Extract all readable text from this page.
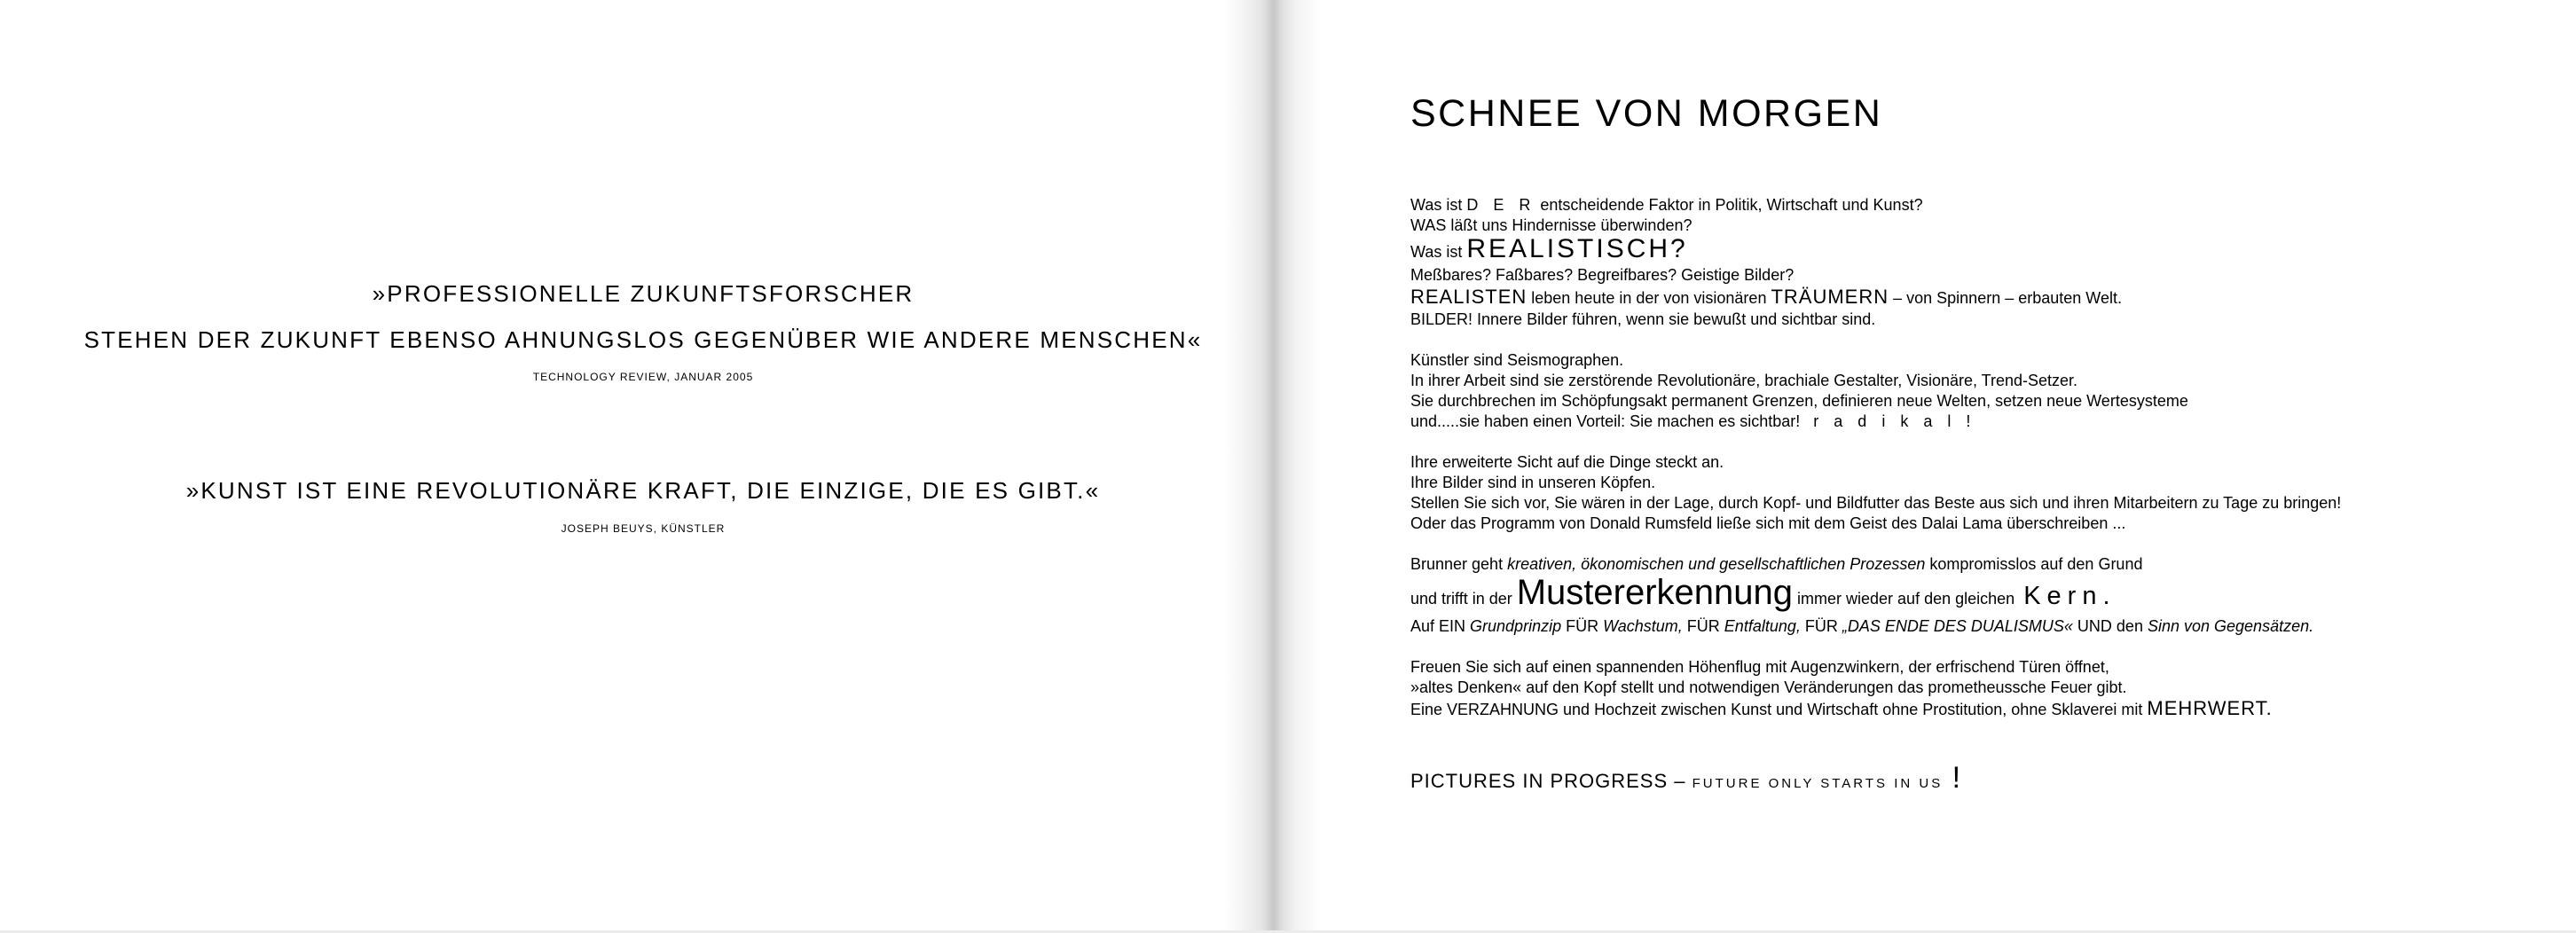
»PROFESSIONELLE ZUKUNFTSFORSCHER
STEHEN DER ZUKUNFT EBENSO AHNUNGSLOS GEGENÜBER WIE ANDERE MENSCHEN«
TECHNOLOGY REVIEW, JANUAR 2005
»KUNST IST EINE REVOLUTIONÄRE KRAFT, DIE EINZIGE, DIE ES GIBT.«
JOSEPH BEUYS, KÜNSTLER
SCHNEE VON MORGEN
Was ist D E R entscheidende Faktor in Politik, Wirtschaft und Kunst?
WAS läßt uns Hindernisse überwinden?
Was ist REALISTISCH?
Meßbares? Faßbares? Begreifbares? Geistige Bilder?
REALISTEN leben heute in der von visionären TRÄUMERN – von Spinnern – erbauten Welt.
BILDER! Innere Bilder führen, wenn sie bewußt und sichtbar sind.
Künstler sind Seismographen.
In ihrer Arbeit sind sie zerstörende Revolutionäre, brachiale Gestalter, Visionäre, Trend-Setzer.
Sie durchbrechen im Schöpfungsakt permanent Grenzen, definieren neue Welten, setzen neue Wertesysteme
und.....sie haben einen Vorteil: Sie machen es sichtbar! r a d i k a l !
Ihre erweiterte Sicht auf die Dinge steckt an.
Ihre Bilder sind in unseren Köpfen.
Stellen Sie sich vor, Sie wären in der Lage, durch Kopf- und Bildfutter das Beste aus sich und ihren Mitarbeitern zu Tage zu bringen!
Oder das Programm von Donald Rumsfeld ließe sich mit dem Geist des Dalai Lama überschreiben ...
Brunner geht kreativen, ökonomischen und gesellschaftlichen Prozessen kompromisslos auf den Grund
und trifft in der Mustererkennung immer wieder auf den gleichen  Kern.
Auf EIN Grundprinzip FÜR Wachstum, FÜR Entfaltung, FÜR „DAS ENDE DES DUALISMUS« UND den Sinn von Gegensätzen.
Freuen Sie sich auf einen spannenden Höhenflug mit Augenzwinkern, der erfrischend Türen öffnet,
»altes Denken« auf den Kopf stellt und notwendigen Veränderungen das prometheussche Feuer gibt.
Eine VERZAHNUNG und Hochzeit zwischen Kunst und Wirtschaft ohne Prostitution, ohne Sklaverei mit MEHRWERT.
PICTURES IN PROGRESS – FUTURE ONLY STARTS IN US !
